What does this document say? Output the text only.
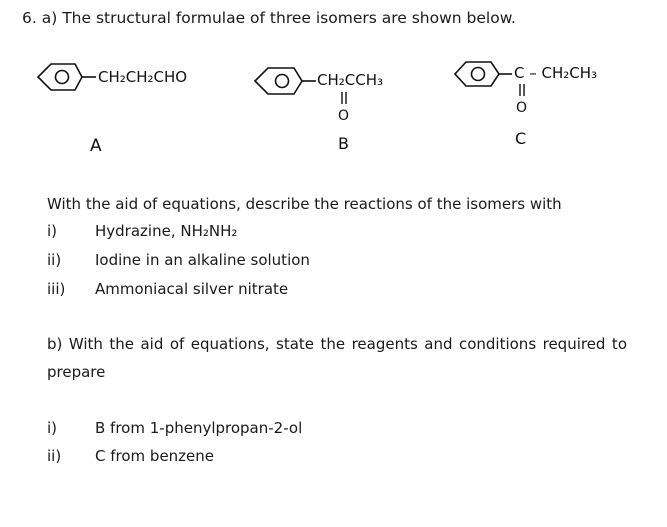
6. a) The structural formulae of three isomers are shown below.
CH₂CH₂CHO
A
CH₂CCH₃
O
B
C – CH₂CH₃
O
C
With the aid of equations, describe the reactions of the isomers with
i)	Hydrazine, NH₂NH₂
ii) Iodine in an alkaline solution
iii) Ammoniacal silver nitrate
b) With the aid of equations, state the reagents and conditions required to
prepare
i)	B from 1-phenylpropan-2-ol
ii) C from benzene
